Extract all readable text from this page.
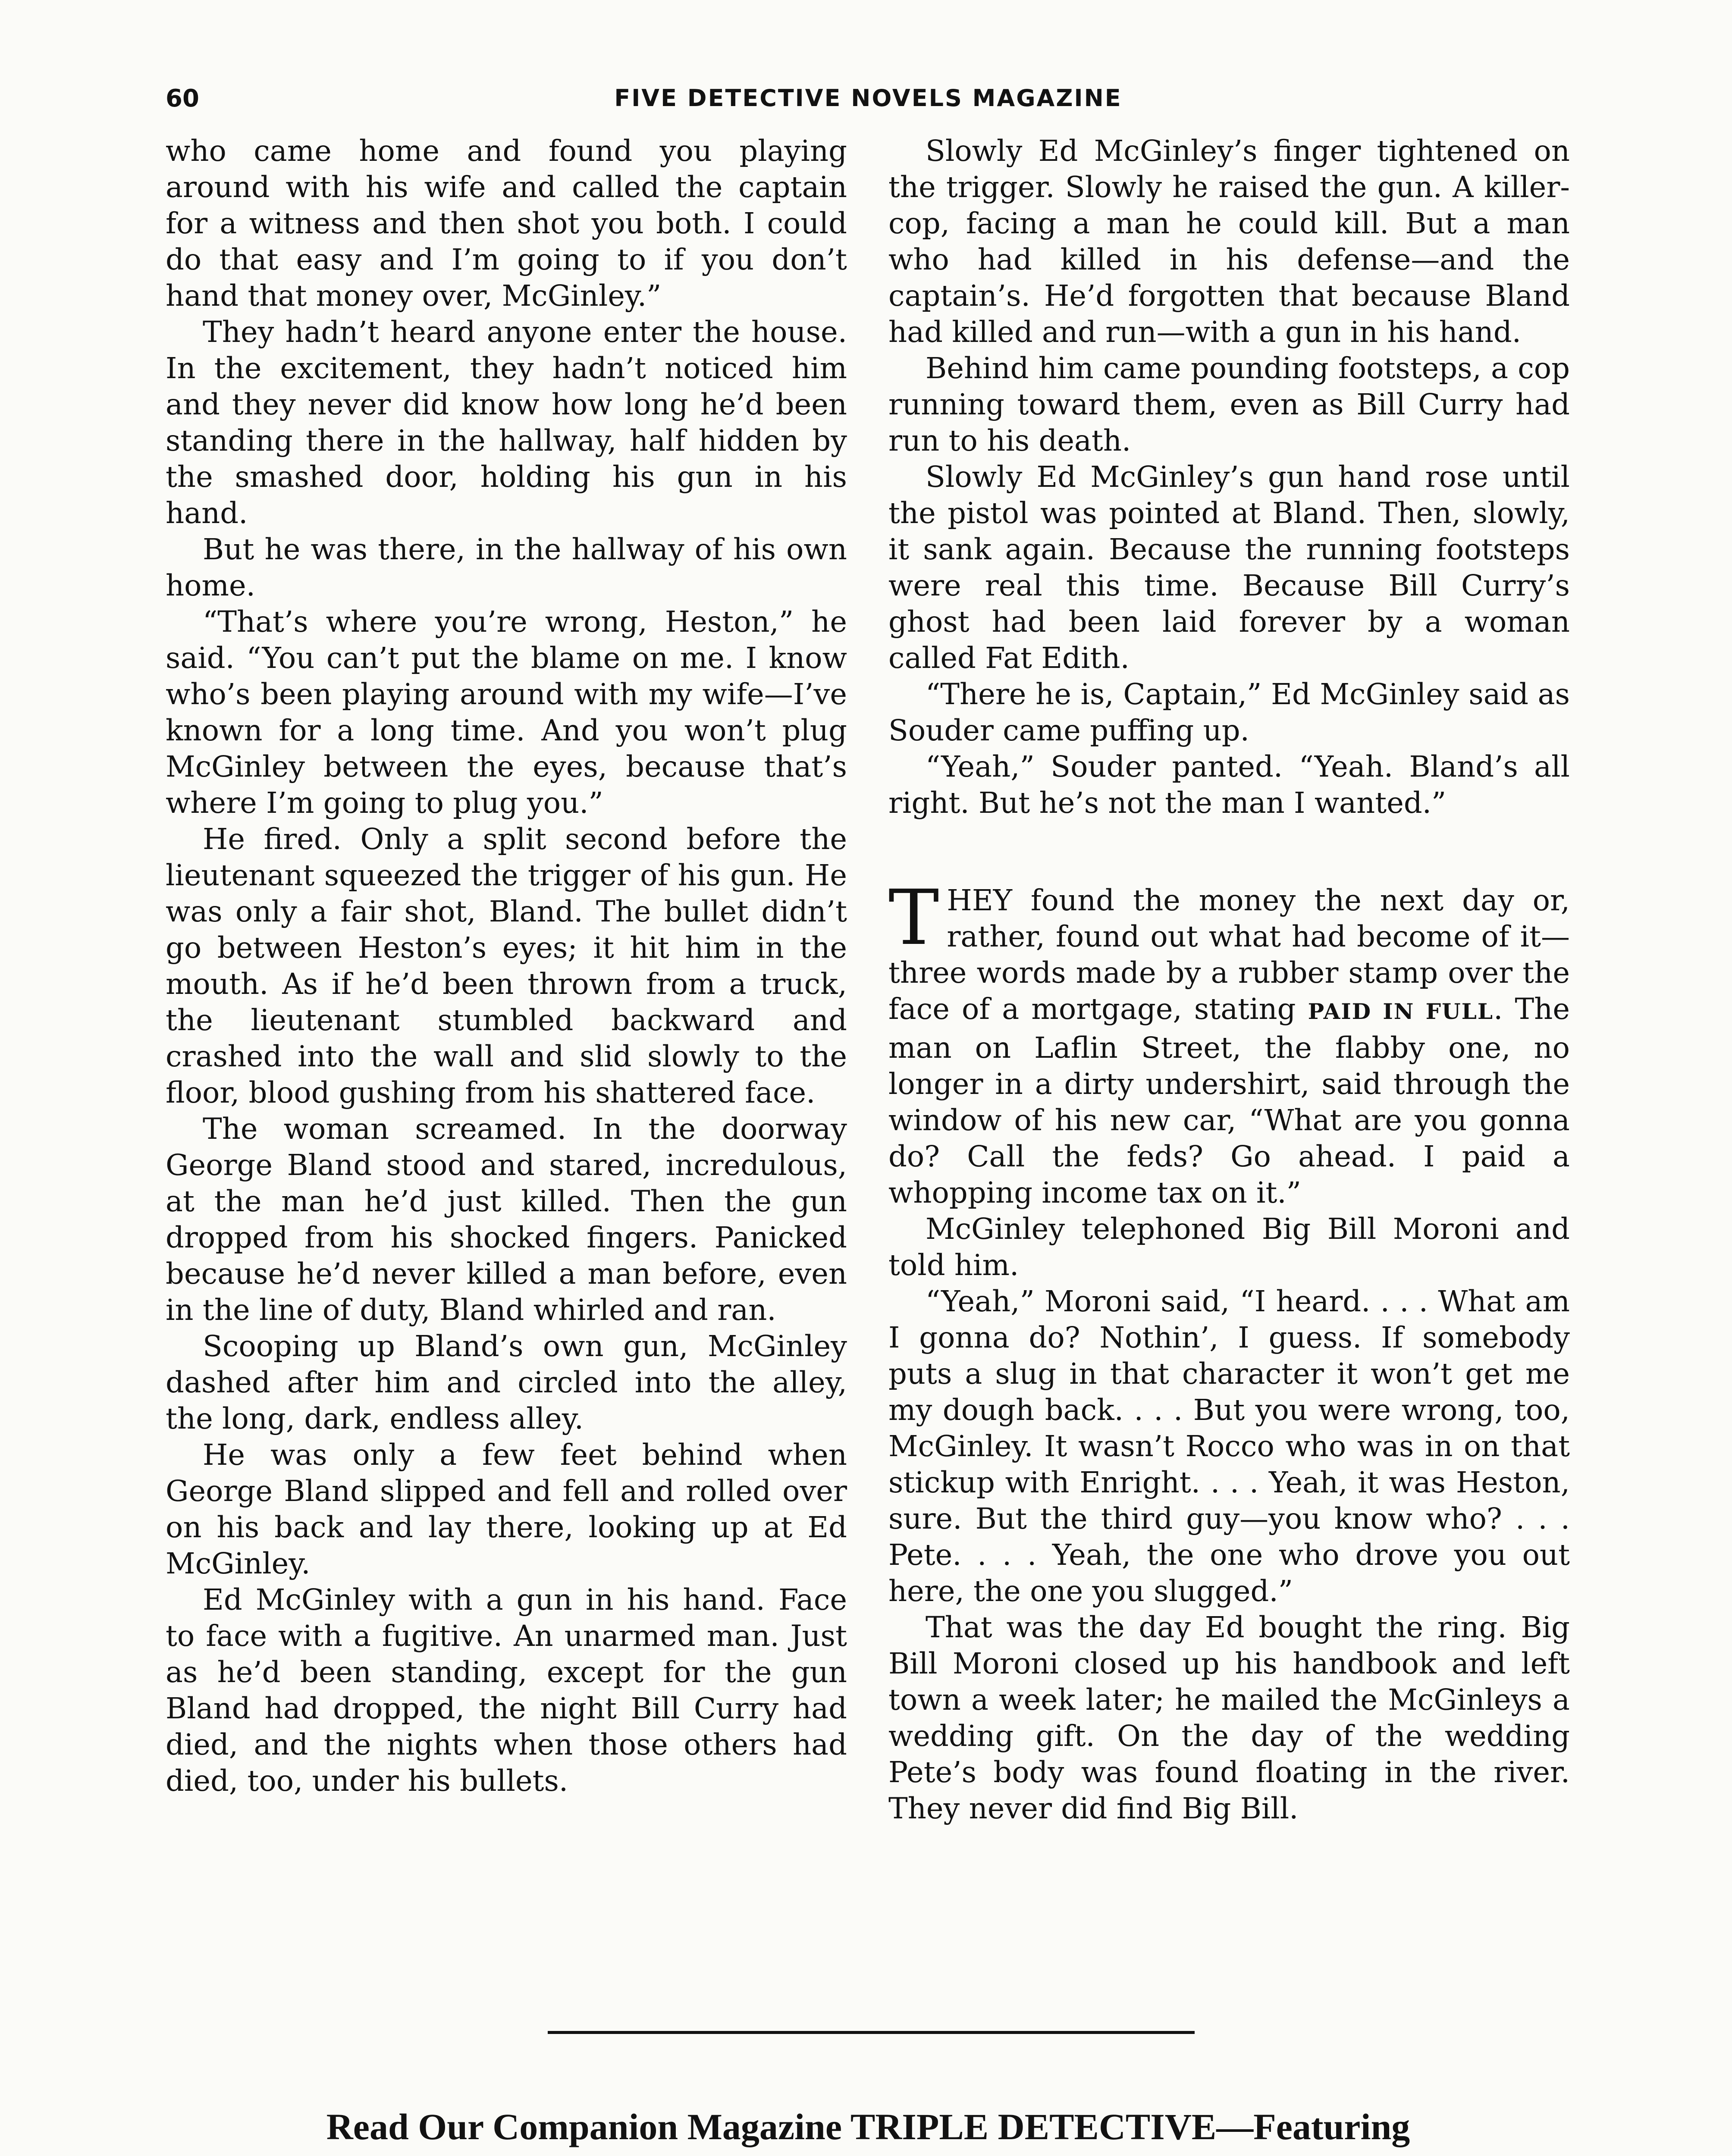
60	FIVE DETECTIVE NOVELS MAGAZINE

who came home and found you playing around with his wife and called the captain for a witness and then shot you both. I could do that easy and I’m going to if you don’t hand that money over, McGinley.”

They hadn’t heard anyone enter the house. In the excitement, they hadn’t noticed him and they never did know how long he’d been standing there in the hallway, half hidden by the smashed door, holding his gun in his hand.

But he was there, in the hallway of his own home.

“That’s where you’re wrong, Heston,” he said. “You can’t put the blame on me. I know who’s been playing around with my wife—I’ve known for a long time. And you won’t plug McGinley between the eyes, because that’s where I’m going to plug you.”

He fired. Only a split second before the lieutenant squeezed the trigger of his gun. He was only a fair shot, Bland. The bullet didn’t go between Heston’s eyes; it hit him in the mouth. As if he’d been thrown from a truck, the lieutenant stumbled backward and crashed into the wall and slid slowly to the floor, blood gushing from his shattered face.

The woman screamed. In the doorway George Bland stood and stared, incredulous, at the man he’d just killed. Then the gun dropped from his shocked fingers. Panicked because he’d never killed a man before, even in the line of duty, Bland whirled and ran.

Scooping up Bland’s own gun, McGinley dashed after him and circled into the alley, the long, dark, endless alley.

He was only a few feet behind when George Bland slipped and fell and rolled over on his back and lay there, looking up at Ed McGinley.

Ed McGinley with a gun in his hand. Face to face with a fugitive. An unarmed man. Just as he’d been standing, except for the gun Bland had dropped, the night Bill Curry had died, and the nights when those others had died, too, under his bullets.

Slowly Ed McGinley’s finger tightened on the trigger. Slowly he raised the gun. A killer-cop, facing a man he could kill. But a man who had killed in his defense—and the captain’s. He’d forgotten that because Bland had killed and run—with a gun in his hand.

Behind him came pounding footsteps, a cop running toward them, even as Bill Curry had run to his death.

Slowly Ed McGinley’s gun hand rose until the pistol was pointed at Bland. Then, slowly, it sank again. Because the running footsteps were real this time. Because Bill Curry’s ghost had been laid forever by a woman called Fat Edith.

“There he is, Captain,” Ed McGinley said as Souder came puffing up.

“Yeah,” Souder panted. “Yeah. Bland’s all right. But he’s not the man I wanted.”

THEY found the money the next day or, rather, found out what had become of it—three words made by a rubber stamp over the face of a mortgage, stating PAID IN FULL. The man on Laflin Street, the flabby one, no longer in a dirty undershirt, said through the window of his new car, “What are you gonna do? Call the feds? Go ahead. I paid a whopping income tax on it.”

McGinley telephoned Big Bill Moroni and told him.

“Yeah,” Moroni said, “I heard. . . . What am I gonna do? Nothin’, I guess. If somebody puts a slug in that character it won’t get me my dough back. . . . But you were wrong, too, McGinley. It wasn’t Rocco who was in on that stickup with Enright. . . . Yeah, it was Heston, sure. But the third guy—you know who? . . . Pete. . . . Yeah, the one who drove you out here, the one you slugged.”

That was the day Ed bought the ring. Big Bill Moroni closed up his handbook and left town a week later; he mailed the McGinleys a wedding gift. On the day of the wedding Pete’s body was found floating in the river. They never did find Big Bill.

Read Our Companion Magazine TRIPLE DETECTIVE—Featuring
